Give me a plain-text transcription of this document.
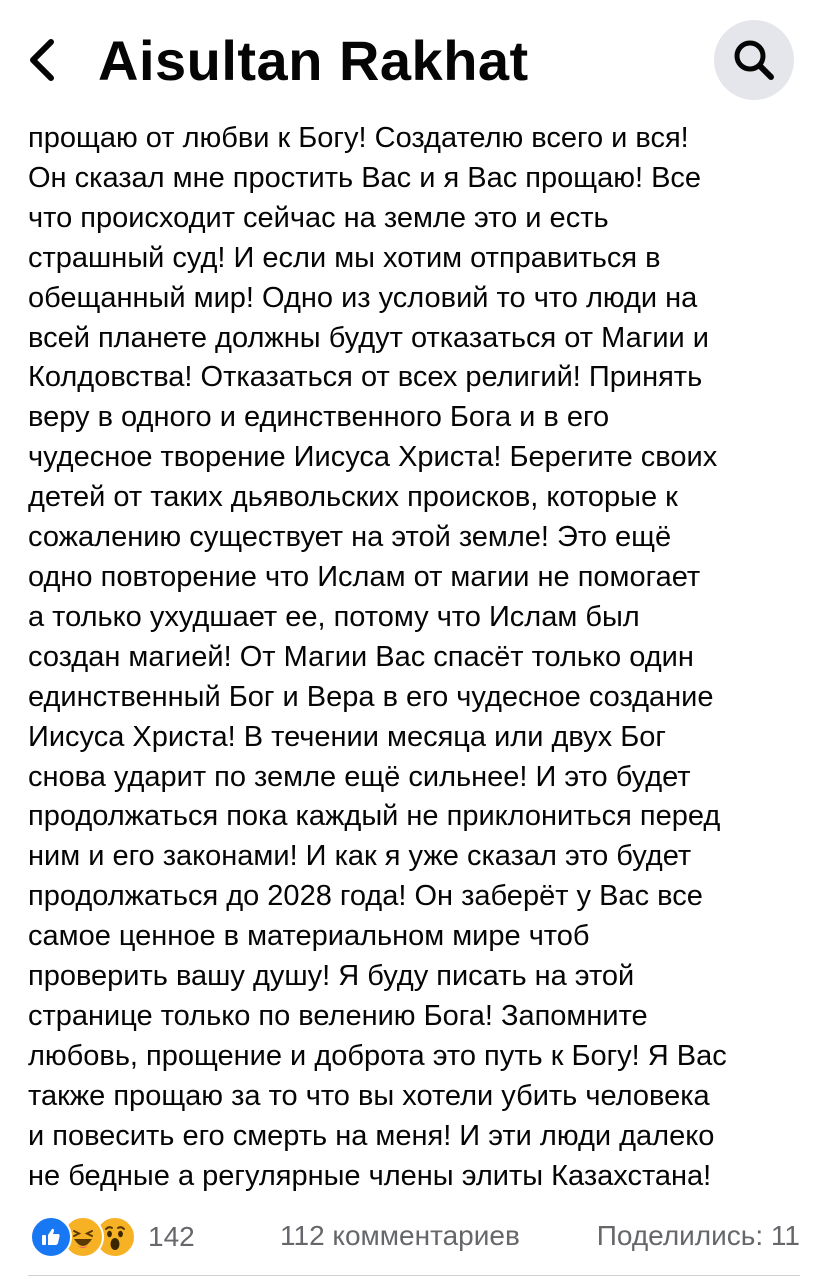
Aisultan Rakhat
прощаю от любви к Богу! Создателю всего и вся!
Он сказал мне простить Вас и я Вас прощаю! Все
что происходит сейчас на земле это и есть
страшный суд! И если мы хотим отправиться в
обещанный мир! Одно из условий то что люди на
всей планете должны будут отказаться от Магии и
Колдовства! Отказаться от всех религий! Принять
веру в одного и единственного Бога и в его
чудесное творение Иисуса Христа! Берегите своих
детей от таких дьявольских происков, которые к
сожалению существует на этой земле! Это ещё
одно повторение что Ислам от магии не помогает
а только ухудшает ее, потому что Ислам был
создан магией! От Магии Вас спасёт только один
единственный Бог и Вера в его чудесное создание
Иисуса Христа! В течении месяца или двух Бог
снова ударит по земле ещё сильнее! И это будет
продолжаться пока каждый не приклониться перед
ним и его законами! И как я уже сказал это будет
продолжаться до 2028 года! Он заберёт у Вас все
самое ценное в материальном мире чтоб
проверить вашу душу! Я буду писать на этой
странице только по велению Бога! Запомните
любовь, прощение и доброта это путь к Богу! Я Вас
также прощаю за то что вы хотели убить человека
и повесить его смерть на меня! И эти люди далеко
не бедные а регулярные члены элиты Казахстана!
142	112 комментариев	Поделились: 11
